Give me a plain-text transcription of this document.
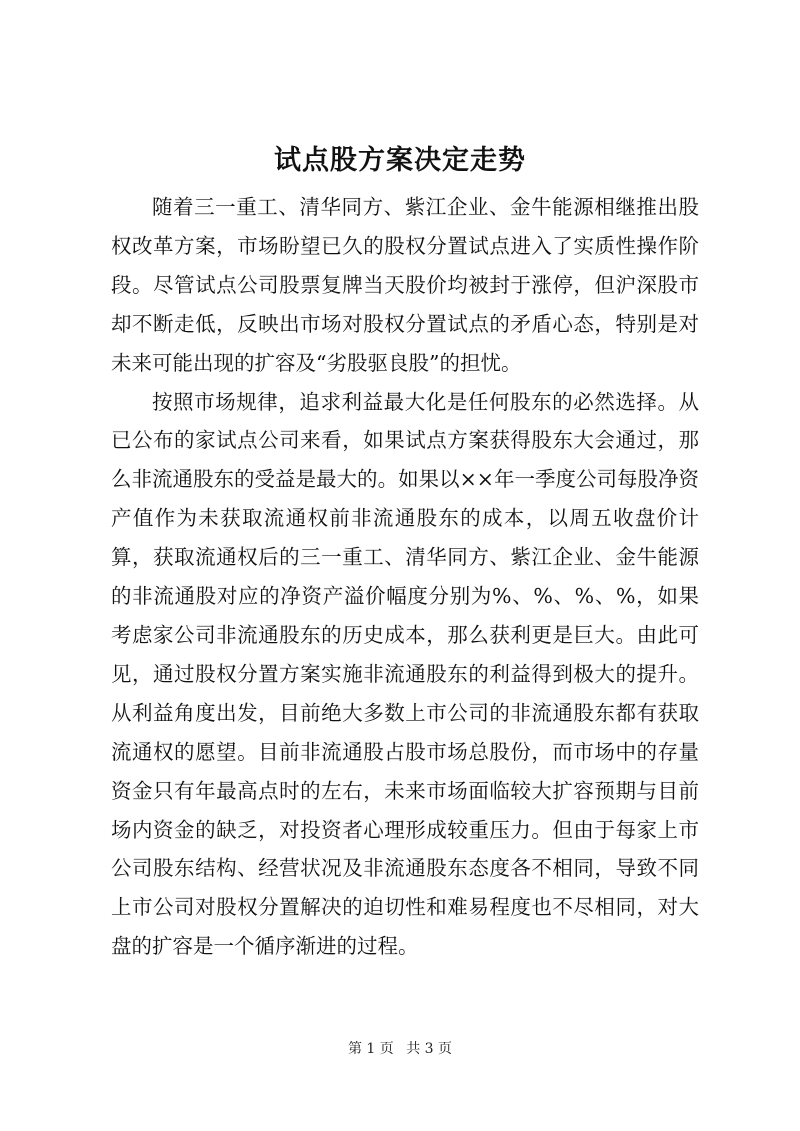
试点股方案决定走势

随着三一重工、清华同方、紫江企业、金牛能源相继推出股权改革方案，市场盼望已久的股权分置试点进入了实质性操作阶段。尽管试点公司股票复牌当天股价均被封于涨停，但沪深股市却不断走低，反映出市场对股权分置试点的矛盾心态，特别是对未来可能出现的扩容及“劣股驱良股”的担忧。

按照市场规律，追求利益最大化是任何股东的必然选择。从已公布的家试点公司来看，如果试点方案获得股东大会通过，那么非流通股东的受益是最大的。如果以××年一季度公司每股净资产值作为未获取流通权前非流通股东的成本，以周五收盘价计算，获取流通权后的三一重工、清华同方、紫江企业、金牛能源的非流通股对应的净资产溢价幅度分别为%、%、%、%，如果考虑家公司非流通股东的历史成本，那么获利更是巨大。由此可见，通过股权分置方案实施非流通股东的利益得到极大的提升。从利益角度出发，目前绝大多数上市公司的非流通股东都有获取流通权的愿望。目前非流通股占股市场总股份，而市场中的存量资金只有年最高点时的左右，未来市场面临较大扩容预期与目前场内资金的缺乏，对投资者心理形成较重压力。但由于每家上市公司股东结构、经营状况及非流通股东态度各不相同，导致不同上市公司对股权分置解决的迫切性和难易程度也不尽相同，对大盘的扩容是一个循序渐进的过程。

第 1 页 共 3 页
